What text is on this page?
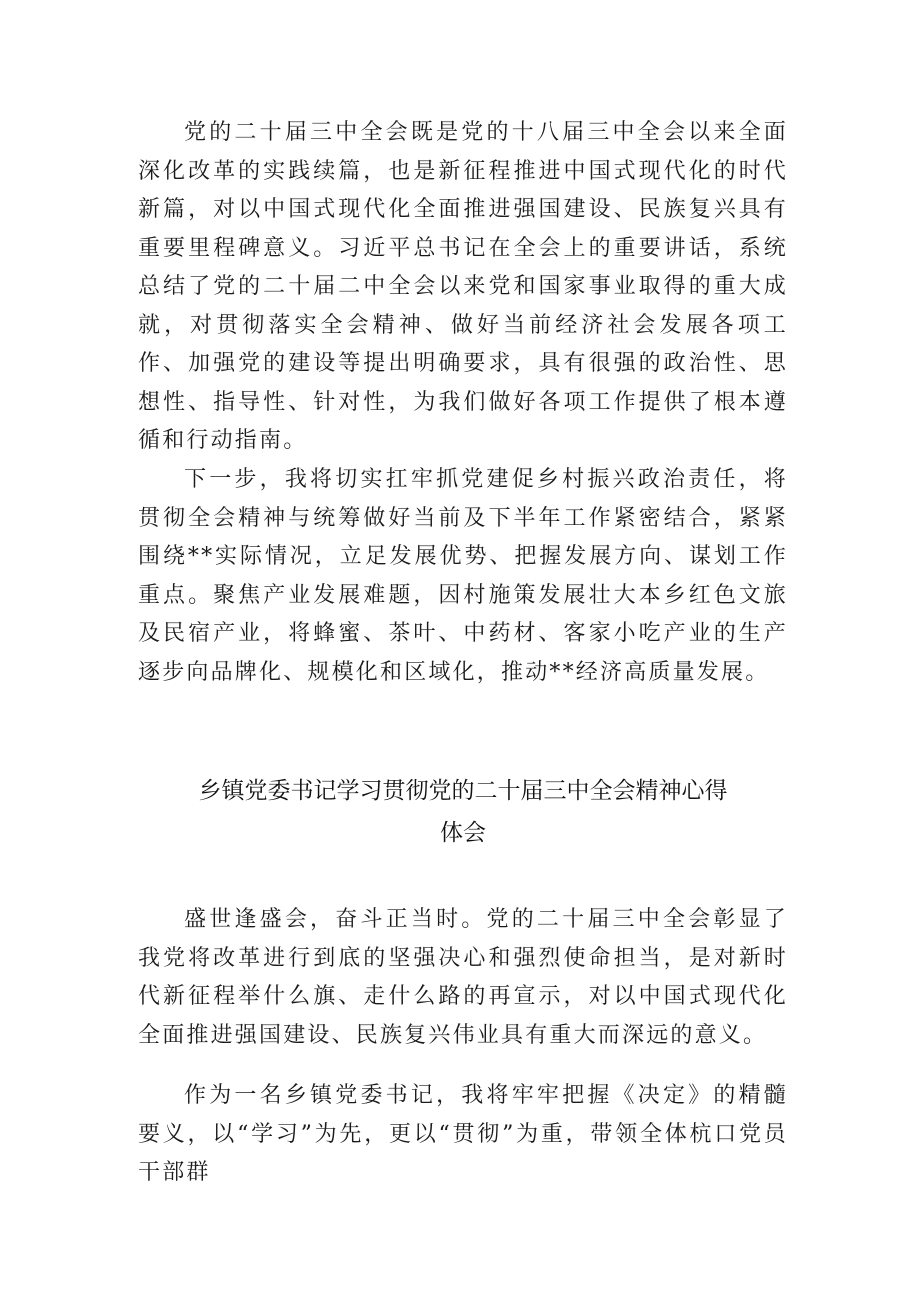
党的二十届三中全会既是党的十八届三中全会以来全面深化改革的实践续篇，也是新征程推进中国式现代化的时代新篇，对以中国式现代化全面推进强国建设、民族复兴具有重要里程碑意义。习近平总书记在全会上的重要讲话，系统总结了党的二十届二中全会以来党和国家事业取得的重大成就，对贯彻落实全会精神、做好当前经济社会发展各项工作、加强党的建设等提出明确要求，具有很强的政治性、思想性、指导性、针对性，为我们做好各项工作提供了根本遵循和行动指南。

下一步，我将切实扛牢抓党建促乡村振兴政治责任，将贯彻全会精神与统筹做好当前及下半年工作紧密结合，紧紧围绕**实际情况，立足发展优势、把握发展方向、谋划工作重点。聚焦产业发展难题，因村施策发展壮大本乡红色文旅及民宿产业，将蜂蜜、茶叶、中药材、客家小吃产业的生产逐步向品牌化、规模化和区域化，推动**经济高质量发展。

乡镇党委书记学习贯彻党的二十届三中全会精神心得
体会

盛世逢盛会，奋斗正当时。党的二十届三中全会彰显了我党将改革进行到底的坚强决心和强烈使命担当，是对新时代新征程举什么旗、走什么路的再宣示，对以中国式现代化全面推进强国建设、民族复兴伟业具有重大而深远的意义。

作为一名乡镇党委书记，我将牢牢把握《决定》的精髓要义，以“学习”为先，更以“贯彻”为重，带领全体杭口党员干部群
